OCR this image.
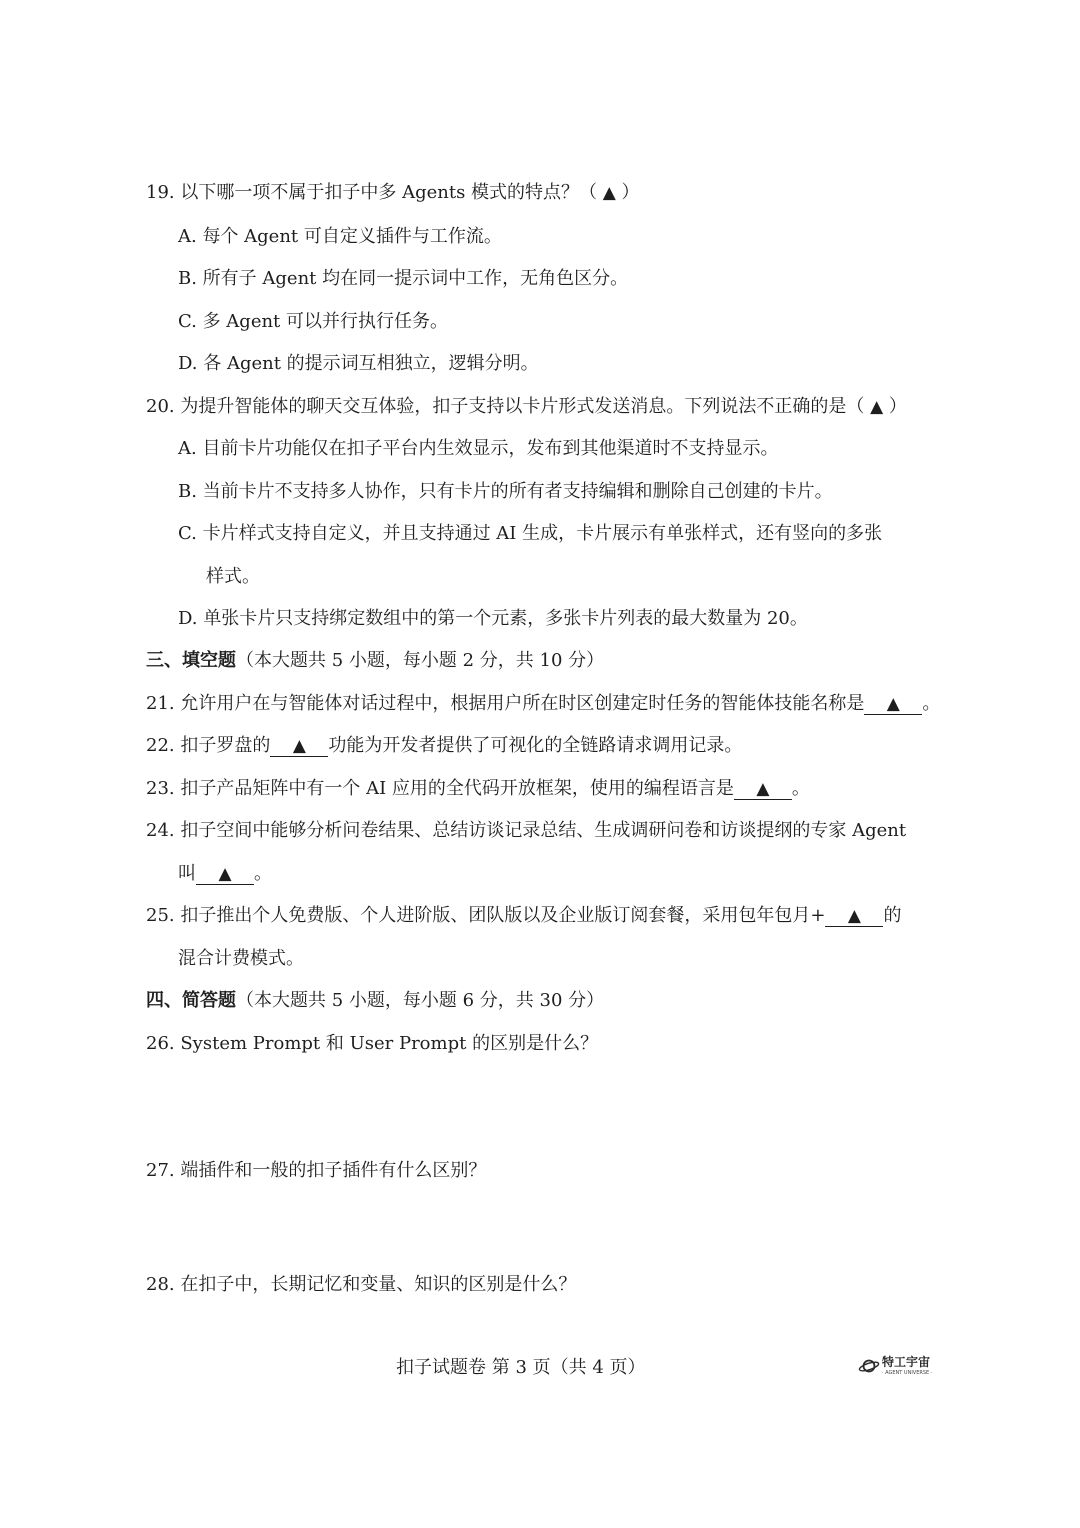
19. 以下哪一项不属于扣子中多 Agents 模式的特点？（ ▲ ）
A. 每个 Agent 可自定义插件与工作流。
B. 所有子 Agent 均在同一提示词中工作，无角色区分。
C. 多 Agent 可以并行执行任务。
D. 各 Agent 的提示词互相独立，逻辑分明。
20. 为提升智能体的聊天交互体验，扣子支持以卡片形式发送消息。下列说法不正确的是（ ▲ ）
A. 目前卡片功能仅在扣子平台内生效显示，发布到其他渠道时不支持显示。
B. 当前卡片不支持多人协作，只有卡片的所有者支持编辑和删除自己创建的卡片。
C. 卡片样式支持自定义，并且支持通过 AI 生成，卡片展示有单张样式，还有竖向的多张
样式。
D. 单张卡片只支持绑定数组中的第一个元素，多张卡片列表的最大数量为 20。
三、填空题（本大题共 5 小题，每小题 2 分，共 10 分）
21. 允许用户在与智能体对话过程中，根据用户所在时区创建定时任务的智能体技能名称是 ▲ 。
22. 扣子罗盘的 ▲ 功能为开发者提供了可视化的全链路请求调用记录。
23. 扣子产品矩阵中有一个 AI 应用的全代码开放框架，使用的编程语言是 ▲ 。
24. 扣子空间中能够分析问卷结果、总结访谈记录总结、生成调研问卷和访谈提纲的专家 Agent
叫 ▲ 。
25. 扣子推出个人免费版、个人进阶版、团队版以及企业版订阅套餐，采用包年包月+ ▲ 的
混合计费模式。
四、简答题（本大题共 5 小题，每小题 6 分，共 30 分）
26. System Prompt 和 User Prompt 的区别是什么？
27. 端插件和一般的扣子插件有什么区别？
28. 在扣子中，长期记忆和变量、知识的区别是什么？
扣子试题卷 第 3 页（共 4 页）	特工宇宙
· AGENT UNIVERSE ·
